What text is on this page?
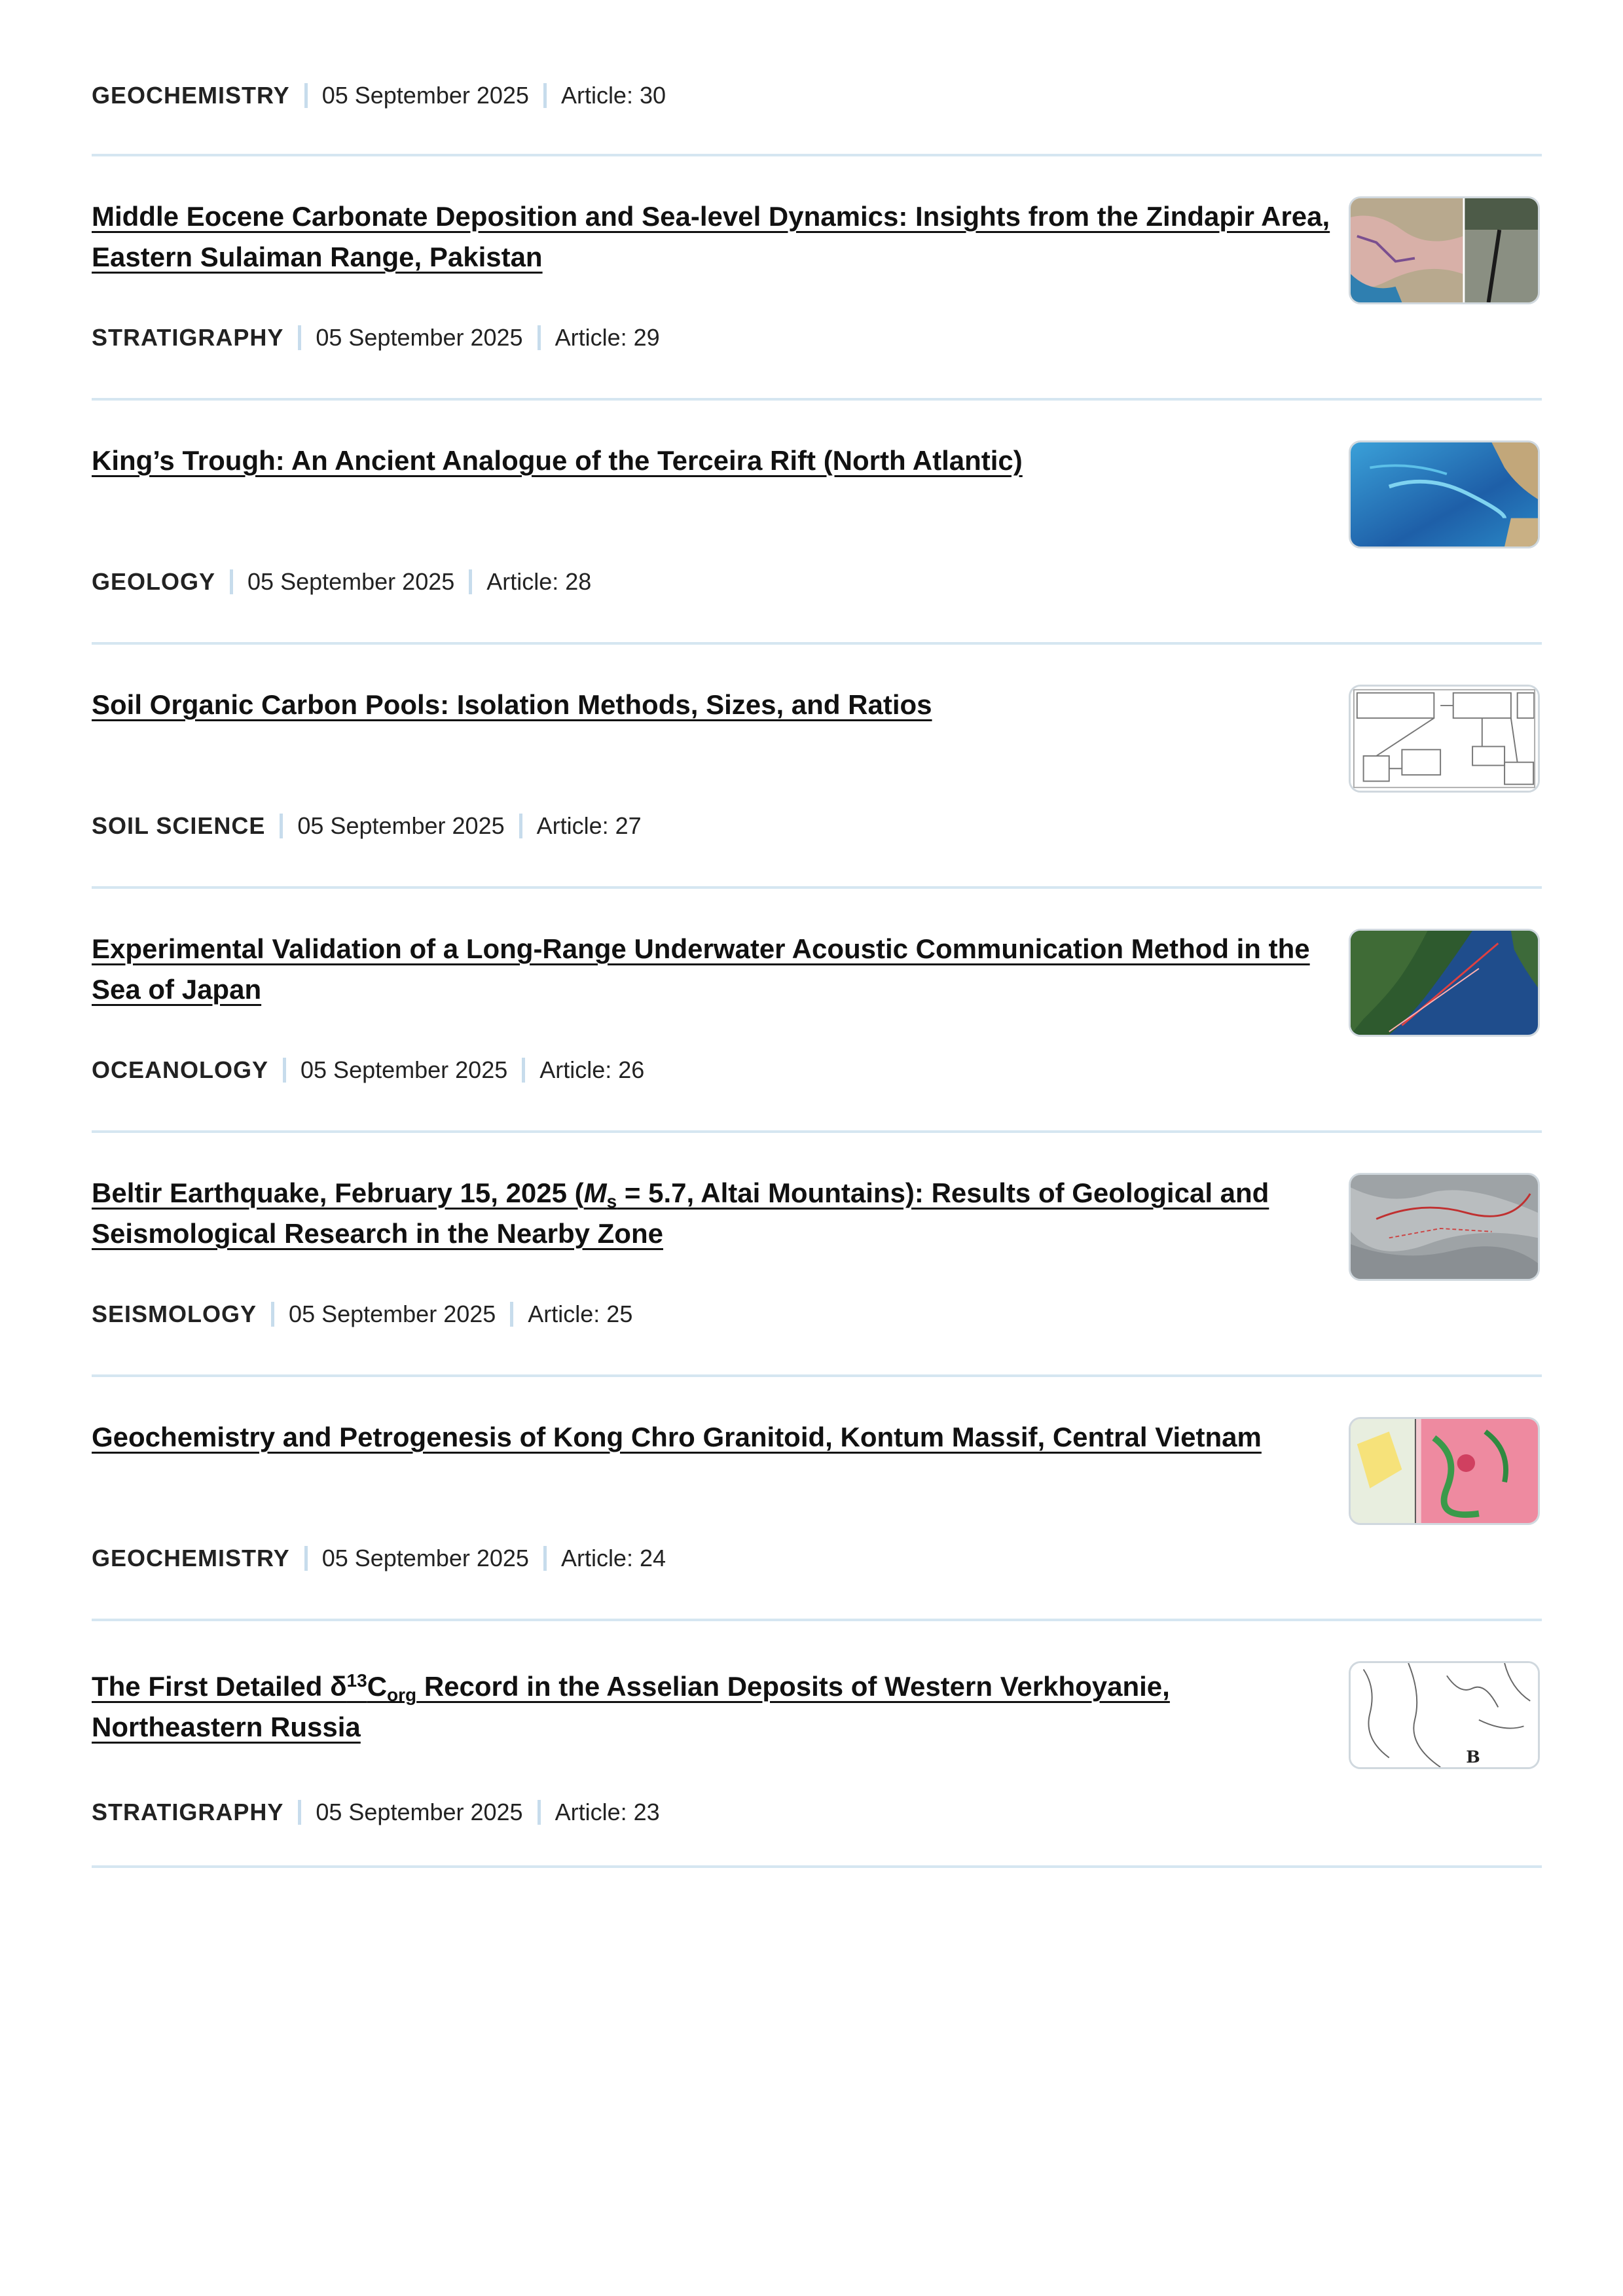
GEOCHEMISTRY 05 September 2025 Article: 30
Middle Eocene Carbonate Deposition and Sea-level Dynamics: Insights from the Zindapir Area, Eastern Sulaiman Range, Pakistan
STRATIGRAPHY 05 September 2025 Article: 29
King’s Trough: An Ancient Analogue of the Terceira Rift (North Atlantic)
GEOLOGY 05 September 2025 Article: 28
Soil Organic Carbon Pools: Isolation Methods, Sizes, and Ratios
SOIL SCIENCE 05 September 2025 Article: 27
Experimental Validation of a Long-Range Underwater Acoustic Communication Method in the Sea of Japan
OCEANOLOGY 05 September 2025 Article: 26
Beltir Earthquake, February 15, 2025 ($M_s = 5.7$, Altai Mountains): Results of Geological and Seismological Research in the Nearby Zone
SEISMOLOGY 05 September 2025 Article: 25
Geochemistry and Petrogenesis of Kong Chro Granitoid, Kontum Massif, Central Vietnam
GEOCHEMISTRY 05 September 2025 Article: 24
The First Detailed $\delta^{13}C_{org}$ Record in the Asselian Deposits of Western Verkhoyanie, Northeastern Russia
B
STRATIGRAPHY 05 September 2025 Article: 23
